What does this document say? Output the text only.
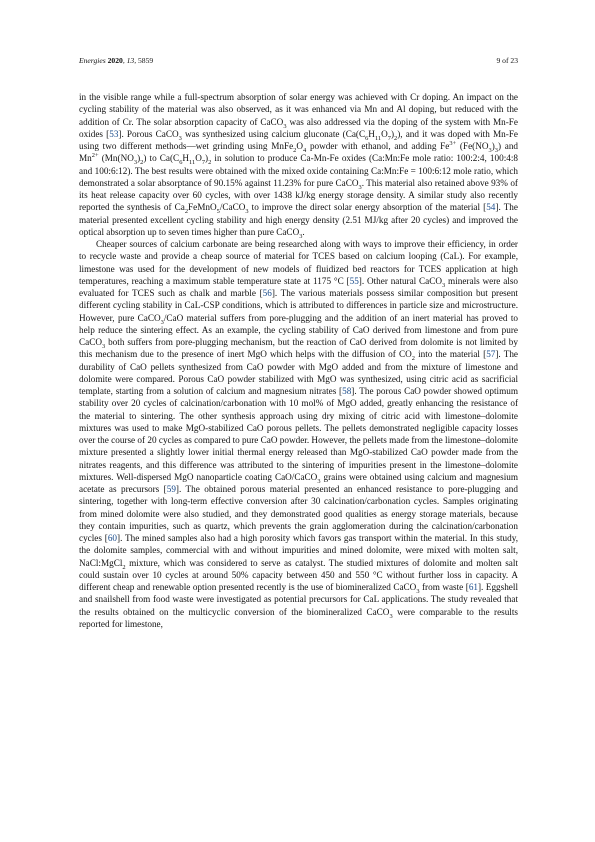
Energies 2020, 13, 5859	9 of 23

in the visible range while a full-spectrum absorption of solar energy was achieved with Cr doping. An impact on the cycling stability of the material was also observed, as it was enhanced via Mn and Al doping, but reduced with the addition of Cr. The solar absorption capacity of CaCO$_3$ was also addressed via the doping of the system with Mn-Fe oxides [53]. Porous CaCO$_3$ was synthesized using calcium gluconate $(Ca(C_6H_{11}O_7)_2)$, and it was doped with Mn-Fe using two different methods—wet grinding using $MnFe_2O_4$ powder with ethanol, and adding $Fe^{3+}$ $(Fe(NO_3)_3)$ and $Mn^{2+}$ $(Mn(NO_3)_2)$ to $Ca(C_6H_{11}O_7)_2$ in solution to produce Ca-Mn-Fe oxides (Ca:Mn:Fe mole ratio: 100:2:4, 100:4:8 and 100:6:12). The best results were obtained with the mixed oxide containing Ca:Mn:Fe = 100:6:12 mole ratio, which demonstrated a solar absorptance of 90.15% against 11.23% for pure CaCO$_3$. This material also retained above 93% of its heat release capacity over 60 cycles, with over 1438 kJ/kg energy storage density. A similar study also recently reported the synthesis of $Ca_2FeMnO_5/CaCO_3$ to improve the direct solar energy absorption of the material [54]. The material presented excellent cycling stability and high energy density (2.51 MJ/kg after 20 cycles) and improved the optical absorption up to seven times higher than pure CaCO$_3$.

Cheaper sources of calcium carbonate are being researched along with ways to improve their efficiency, in order to recycle waste and provide a cheap source of material for TCES based on calcium looping (CaL). For example, limestone was used for the development of new models of fluidized bed reactors for TCES application at high temperatures, reaching a maximum stable temperature state at 1175 °C [55]. Other natural CaCO$_3$ minerals were also evaluated for TCES such as chalk and marble [56]. The various materials possess similar composition but present different cycling stability in CaL-CSP conditions, which is attributed to differences in particle size and microstructure. However, pure CaCO$_3$/CaO material suffers from pore-plugging and the addition of an inert material has proved to help reduce the sintering effect. As an example, the cycling stability of CaO derived from limestone and from pure CaCO$_3$ both suffers from pore-plugging mechanism, but the reaction of CaO derived from dolomite is not limited by this mechanism due to the presence of inert MgO which helps with the diffusion of $CO_2$ into the material [57]. The durability of CaO pellets synthesized from CaO powder with MgO added and from the mixture of limestone and dolomite were compared. Porous CaO powder stabilized with MgO was synthesized, using citric acid as sacrificial template, starting from a solution of calcium and magnesium nitrates [58]. The porous CaO powder showed optimum stability over 20 cycles of calcination/carbonation with 10 mol% of MgO added, greatly enhancing the resistance of the material to sintering. The other synthesis approach using dry mixing of citric acid with limestone–dolomite mixtures was used to make MgO-stabilized CaO porous pellets. The pellets demonstrated negligible capacity losses over the course of 20 cycles as compared to pure CaO powder. However, the pellets made from the limestone–dolomite mixture presented a slightly lower initial thermal energy released than MgO-stabilized CaO powder made from the nitrates reagents, and this difference was attributed to the sintering of impurities present in the limestone–dolomite mixtures. Well-dispersed MgO nanoparticle coating CaO/CaCO$_3$ grains were obtained using calcium and magnesium acetate as precursors [59]. The obtained porous material presented an enhanced resistance to pore-plugging and sintering, together with long-term effective conversion after 30 calcination/carbonation cycles. Samples originating from mined dolomite were also studied, and they demonstrated good qualities as energy storage materials, because they contain impurities, such as quartz, which prevents the grain agglomeration during the calcination/carbonation cycles [60]. The mined samples also had a high porosity which favors gas transport within the material. In this study, the dolomite samples, commercial with and without impurities and mined dolomite, were mixed with molten salt, NaCl:MgCl$_2$ mixture, which was considered to serve as catalyst. The studied mixtures of dolomite and molten salt could sustain over 10 cycles at around 50% capacity between 450 and 550 °C without further loss in capacity. A different cheap and renewable option presented recently is the use of biomineralized CaCO$_3$ from waste [61]. Eggshell and snailshell from food waste were investigated as potential precursors for CaL applications. The study revealed that the results obtained on the multicyclic conversion of the biomineralized CaCO$_3$ were comparable to the results reported for limestone,
